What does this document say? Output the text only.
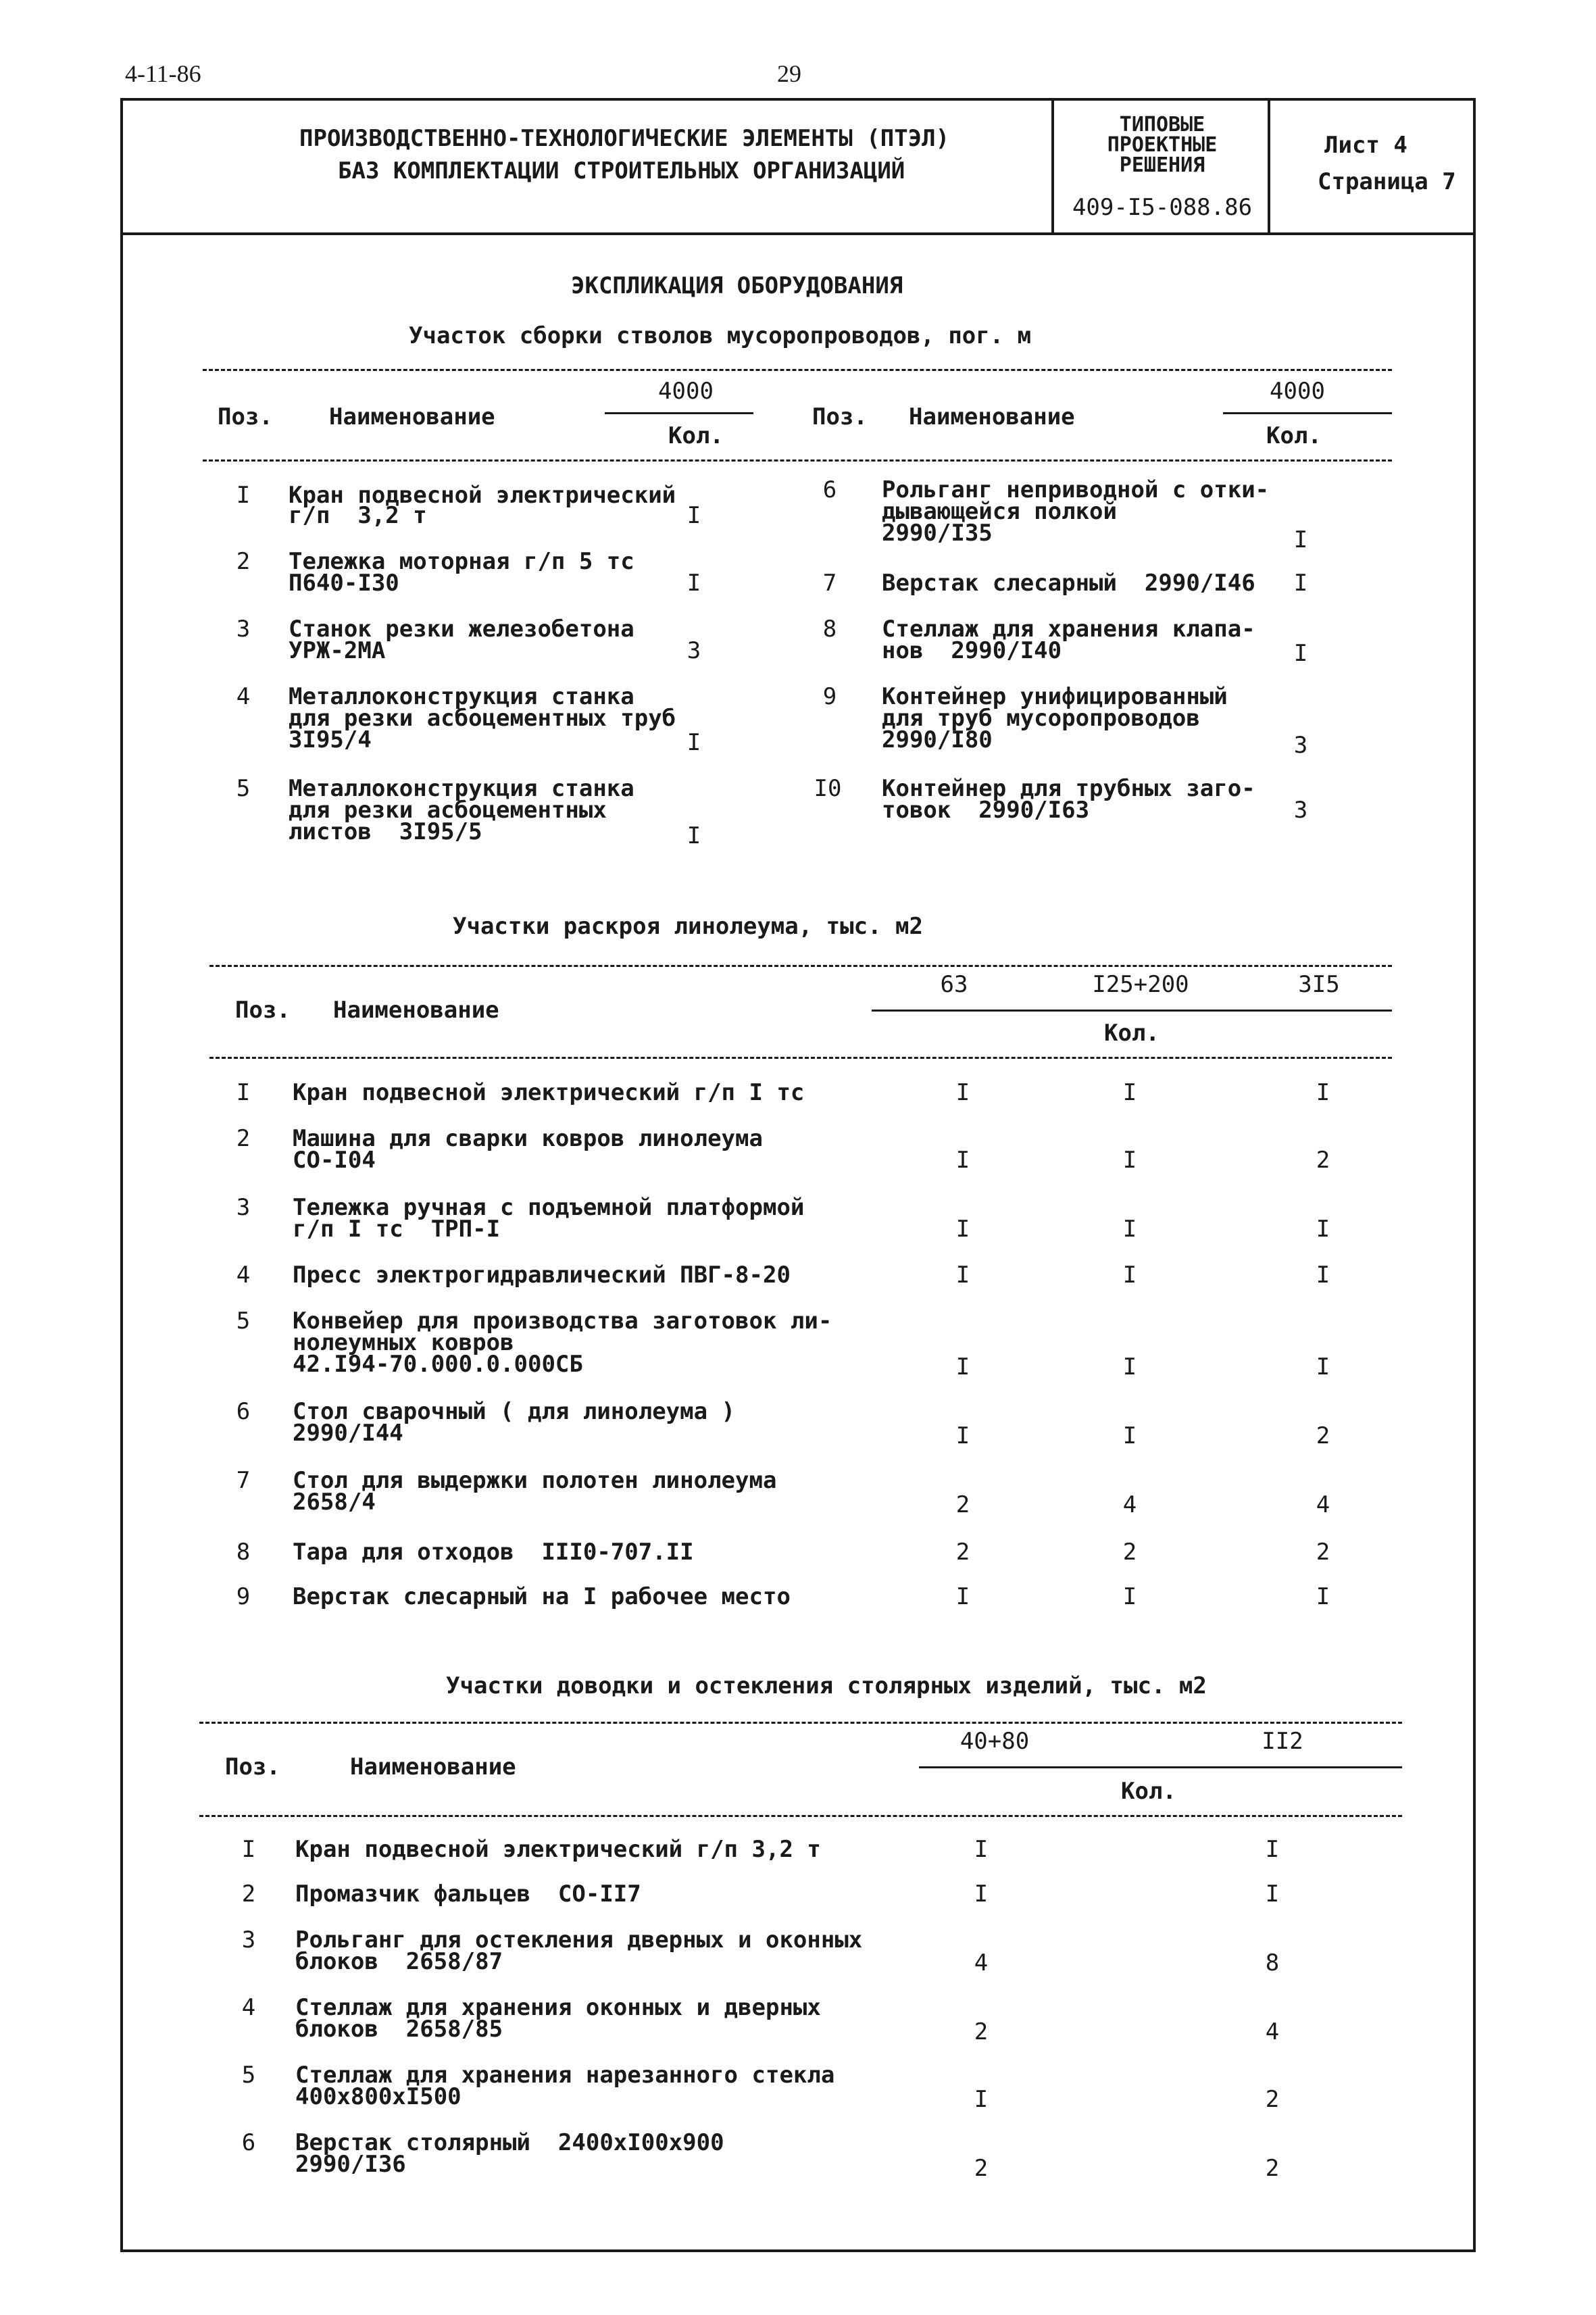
4-11-86	29
ПРОИЗВОДСТВЕННО-ТЕХНОЛОГИЧЕСКИЕ ЭЛЕМЕНТЫ (ПТЭЛ)
БАЗ КОМПЛЕКТАЦИИ СТРОИТЕЛЬНЫХ ОРГАНИЗАЦИЙ
ТИПОВЫЕ
ПРОЕКТНЫЕ
РЕШЕНИЯ
409-I5-088.86
Лист 4
Страница 7
ЭКСПЛИКАЦИЯ ОБОРУДОВАНИЯ
Участок сборки стволов мусоропроводов, пог. м
Поз. Наименование
4000
Кол.
Поз. Наименование
4000
Кол.
I Кран подвесной электрический
г/п  3,2 т	I
2 Тележка моторная г/п 5 тс
П640-I30	I
3 Станок резки железобетона
УРЖ-2МА	3
4 Металлоконструкция станка
для резки асбоцементных труб
3I95/4	I
5 Металлоконструкция станка
для резки асбоцементных
листов  3I95/5	I
6 Рольганг неприводной с отки-
дывающейся полкой
2990/I35	I
7 Верстак слесарный  2990/I46 I
8 Стеллаж для хранения клапа-
нов  2990/I40	I
9 Контейнер унифицированный
для труб мусоропроводов
2990/I80	3
I0 Контейнер для трубных заго-
товок  2990/I63	3
Участки раскроя линолеума, тыс. м2
Поз. Наименование
63	I25+200	3I5
Кол.
I Кран подвесной электрический г/п I тс	I	I	I
2 Машина для сварки ковров линолеума
СО-I04	I	I	2
3 Тележка ручная с подъемной платформой
г/п I тс  ТРП-I	I	I	I
4 Пресс электрогидравлический ПВГ-8-20	I	I	I
5 Конвейер для производства заготовок ли-
нолеумных ковров
42.I94-70.000.0.000СБ	I	I	I
6 Стол сварочный ( для линолеума )
2990/I44	I	I	2
7 Стол для выдержки полотен линолеума
2658/4	2	4	4
8 Тара для отходов  III0-707.II	2	2	2
9 Верстак слесарный на I рабочее место	I	I	I
Участки доводки и остекления столярных изделий, тыс. м2
Поз.	Наименование
40+80	II2
Кол.
I Кран подвесной электрический г/п 3,2 т	I	I
2 Промазчик фальцев  СО-II7	I	I
3 Рольганг для остекления дверных и оконных
блоков  2658/87	4	8
4 Стеллаж для хранения оконных и дверных
блоков  2658/85	2	4
5 Стеллаж для хранения нарезанного стекла
400х800хI500	I	2
6 Верстак столярный  2400хI00х900
2990/I36	2	2
